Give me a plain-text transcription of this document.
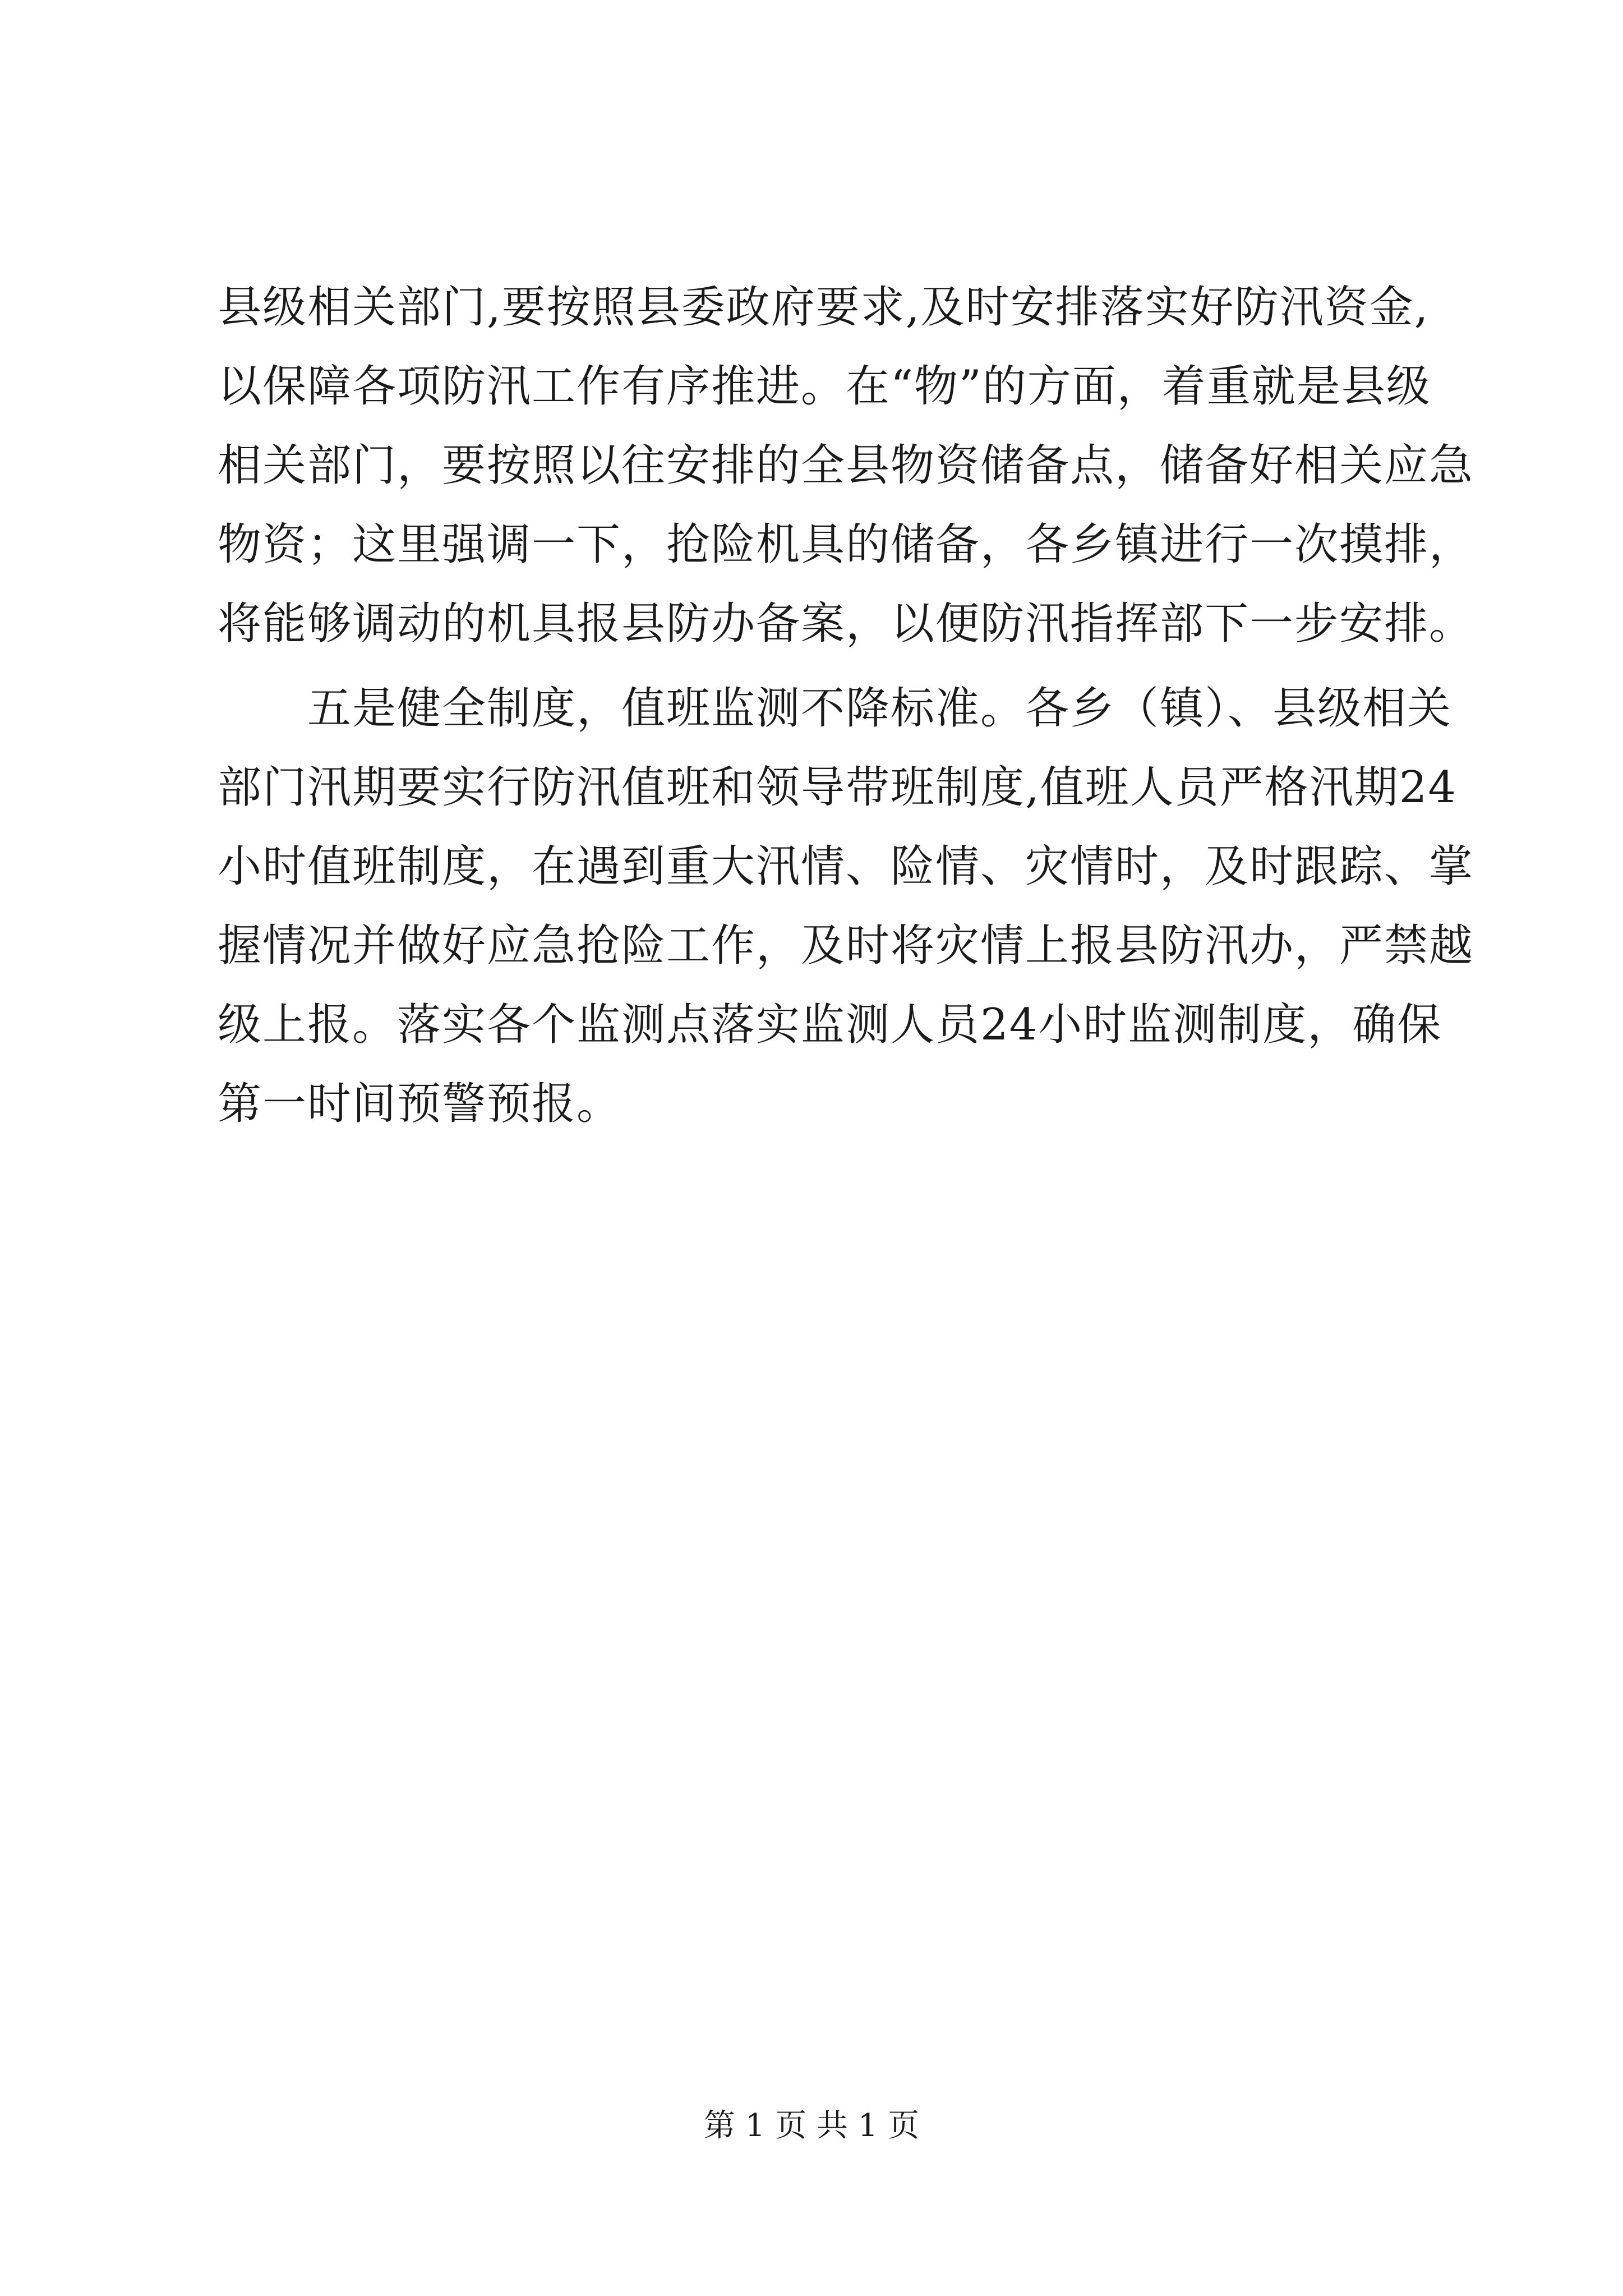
县级相关部门,要按照县委政府要求,及时安排落实好防汛资金,
以保障各项防汛工作有序推进。在“物”的方面，着重就是县级
相关部门，要按照以往安排的全县物资储备点，储备好相关应急
物资；这里强调一下，抢险机具的储备，各乡镇进行一次摸排，
将能够调动的机具报县防办备案，以便防汛指挥部下一步安排。
　　五是健全制度，值班监测不降标准。各乡（镇）、县级相关
部门汛期要实行防汛值班和领导带班制度,值班人员严格汛期24
小时值班制度，在遇到重大汛情、险情、灾情时，及时跟踪、掌
握情况并做好应急抢险工作，及时将灾情上报县防汛办，严禁越
级上报。落实各个监测点落实监测人员24小时监测制度，确保
第一时间预警预报。
第 1 页 共 1 页
